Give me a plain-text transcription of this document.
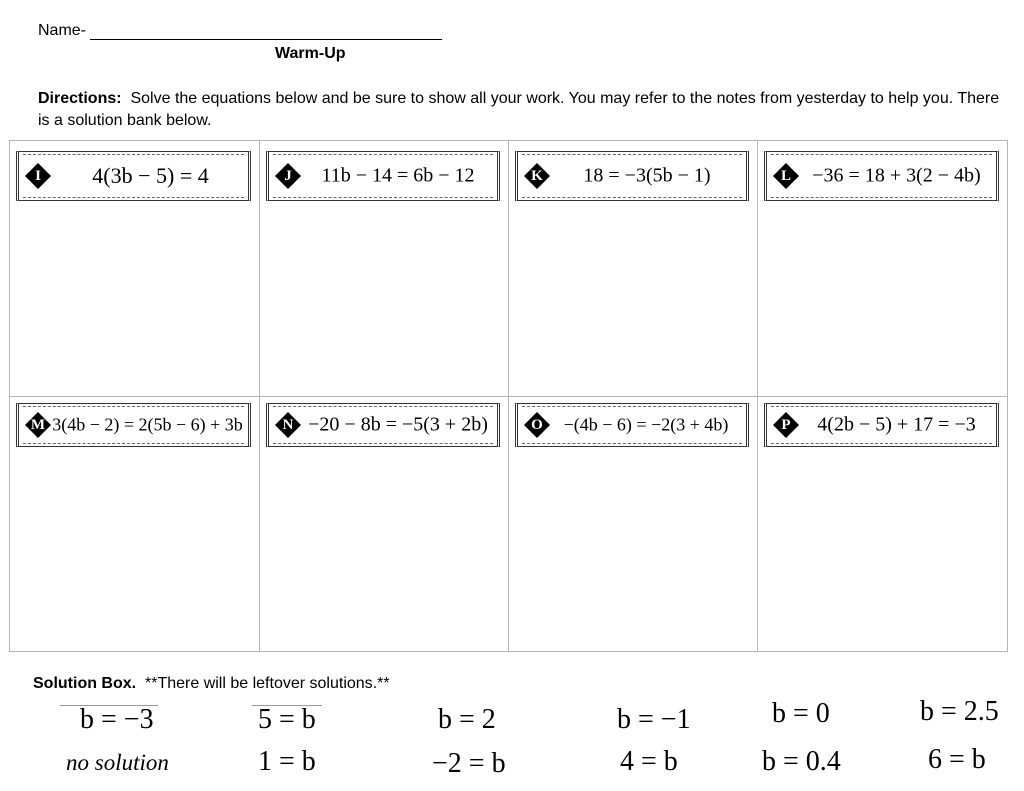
Name-
Warm-Up
Directions: Solve the equations below and be sure to show all your work. You may refer to the notes from yesterday to help you. There is a solution bank below.
I	4(3b − 5) = 4	J	11b − 14 = 6b − 12	K	18 = −3(5b − 1)	L	−36 = 18 + 3(2 − 4b)
M 3(4b − 2) = 2(5b − 6) + 3b	N −20 − 8b = −5(3 + 2b)	O	−(4b − 6) = −2(3 + 4b)	P	4(2b − 5) + 17 = −3
Solution Box. **There will be leftover solutions.**
b = −3	5 = b	b = 2	b = −1	b = 0	b = 2.5
no solution	1 = b	−2 = b	4 = b	b = 0.4	6 = b
